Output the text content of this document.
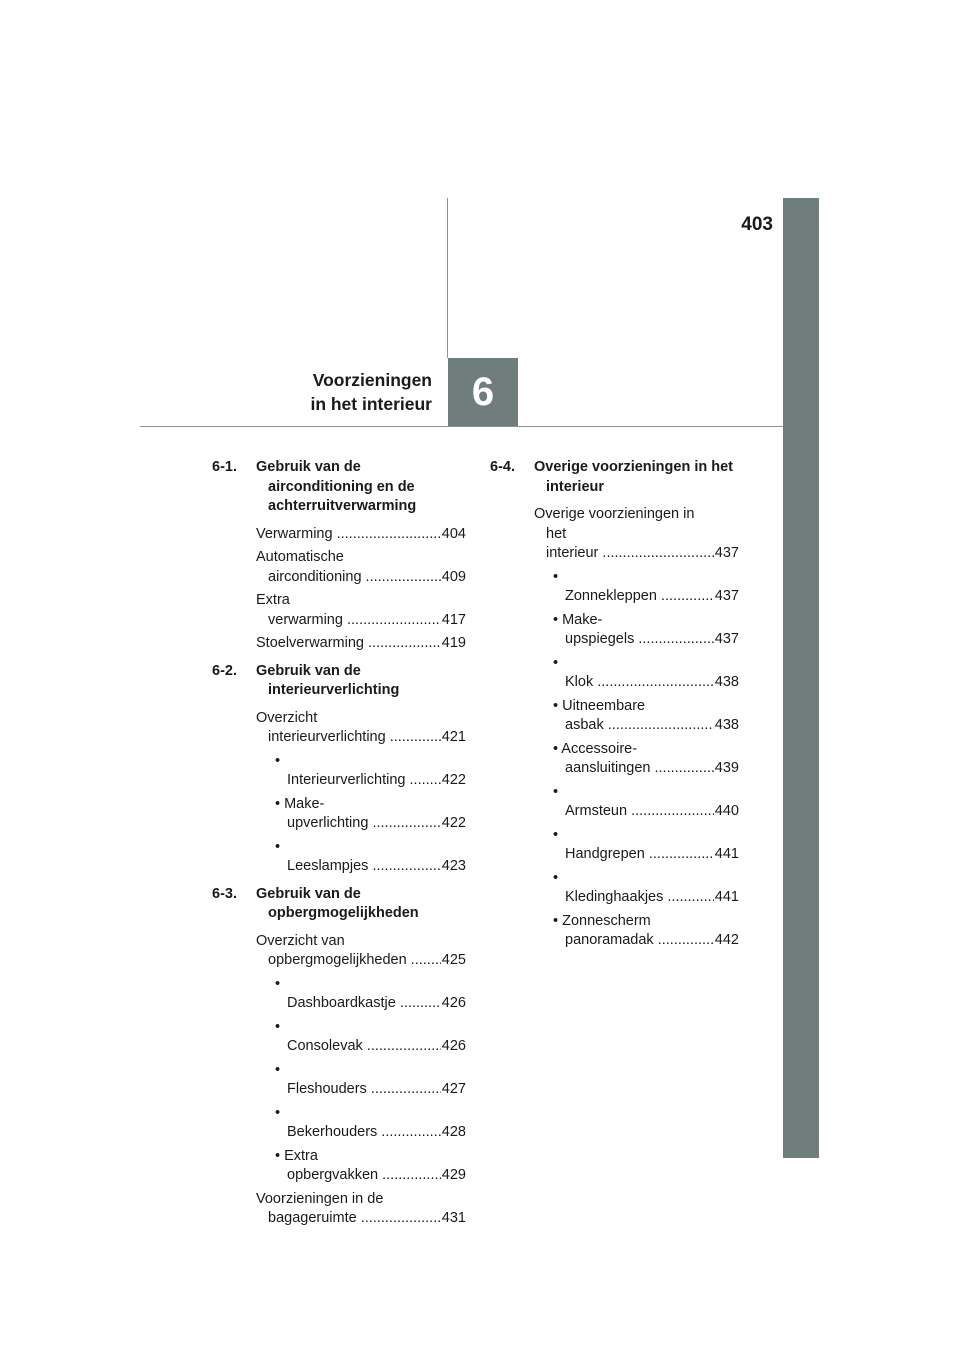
403
6
Voorzieningen
in het interieur
6-1.	Gebruik van de airconditioning en de achterruitverwarming
Verwarming .....	404
Automatische airconditioning .....	409
Extra verwarming .....	417
Stoelverwarming .....	419
6-2.	Gebruik van de interieurverlichting
Overzicht interieurverlichting .....	421
• Interieurverlichting .....	422
• Make-upverlichting .....	422
• Leeslampjes .....	423
6-3.	Gebruik van de opbergmogelijkheden
Overzicht van opbergmogelijkheden .....	425
• Dashboardkastje .....	426
• Consolevak .....	426
• Fleshouders .....	427
• Bekerhouders .....	428
• Extra opbergvakken .....	429
Voorzieningen in de bagageruimte .....	431
6-4.	Overige voorzieningen in het interieur
Overige voorzieningen in het interieur .....	437
• Zonnekleppen .....	437
• Make-upspiegels .....	437
• Klok .....	438
• Uitneembare asbak .....	438
• Accessoire-aansluitingen .....	439
• Armsteun .....	440
• Handgrepen .....	441
• Kledinghaakjes .....	441
• Zonnescherm panoramadak .....	442
